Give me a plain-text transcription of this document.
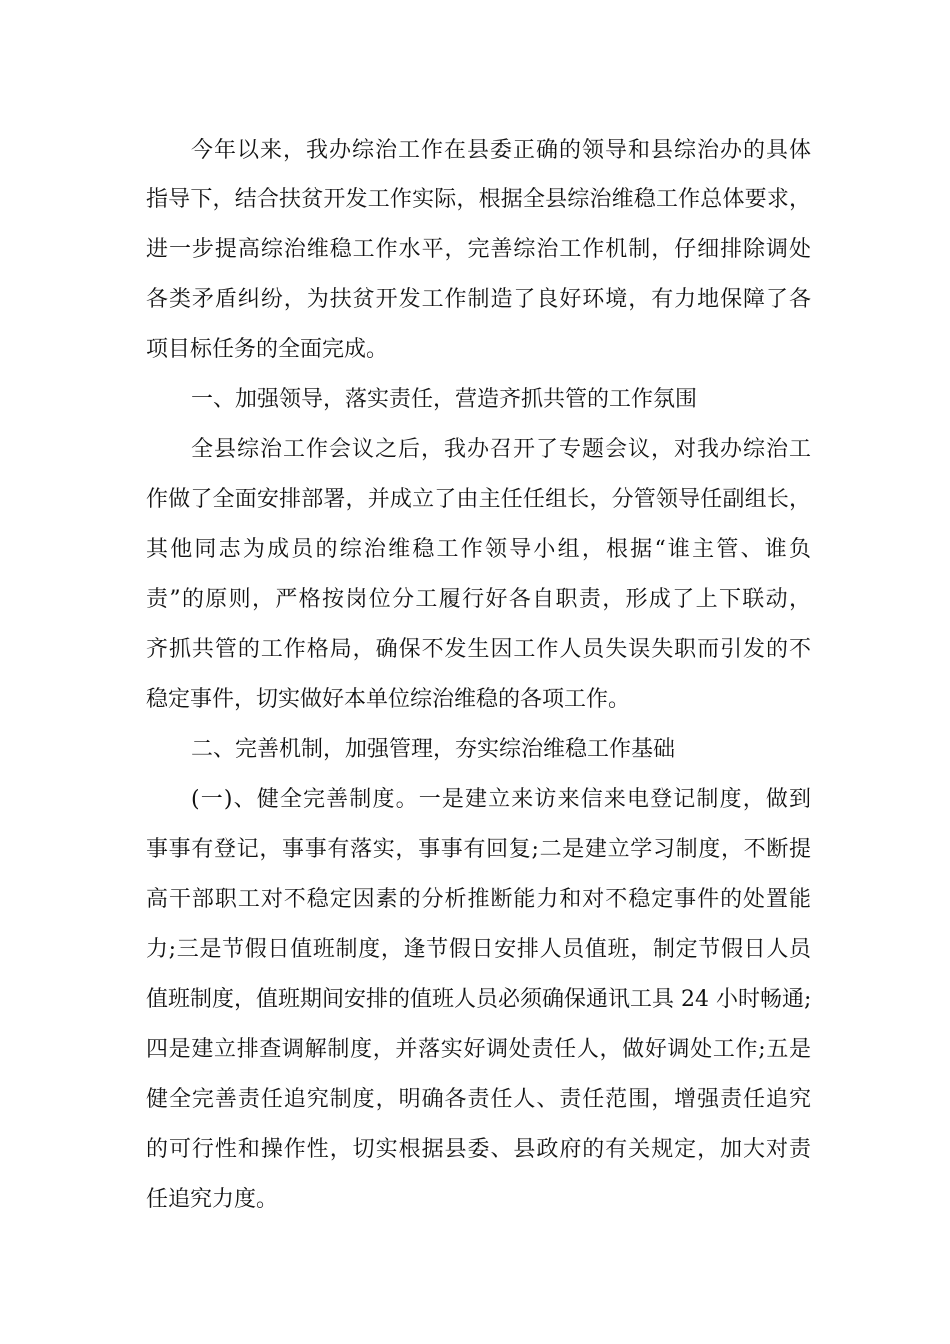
今年以来，我办综治工作在县委正确的领导和县综治办的具体

指导下，结合扶贫开发工作实际，根据全县综治维稳工作总体要求，

进一步提高综治维稳工作水平，完善综治工作机制，仔细排除调处

各类矛盾纠纷，为扶贫开发工作制造了良好环境，有力地保障了各

项目标任务的全面完成。

一、加强领导，落实责任，营造齐抓共管的工作氛围

全县综治工作会议之后，我办召开了专题会议，对我办综治工

作做了全面安排部署，并成立了由主任任组长，分管领导任副组长，

其他同志为成员的综治维稳工作领导小组，根据“谁主管、谁负

责”的原则，严格按岗位分工履行好各自职责，形成了上下联动，

齐抓共管的工作格局，确保不发生因工作人员失误失职而引发的不

稳定事件，切实做好本单位综治维稳的各项工作。

二、完善机制，加强管理，夯实综治维稳工作基础

(一)、健全完善制度。一是建立来访来信来电登记制度，做到

事事有登记，事事有落实，事事有回复;二是建立学习制度，不断提

高干部职工对不稳定因素的分析推断能力和对不稳定事件的处置能

力;三是节假日值班制度，逢节假日安排人员值班，制定节假日人员

值班制度，值班期间安排的值班人员必须确保通讯工具 24 小时畅通;

四是建立排查调解制度，并落实好调处责任人，做好调处工作;五是

健全完善责任追究制度，明确各责任人、责任范围，增强责任追究

的可行性和操作性，切实根据县委、县政府的有关规定，加大对责

任追究力度。
